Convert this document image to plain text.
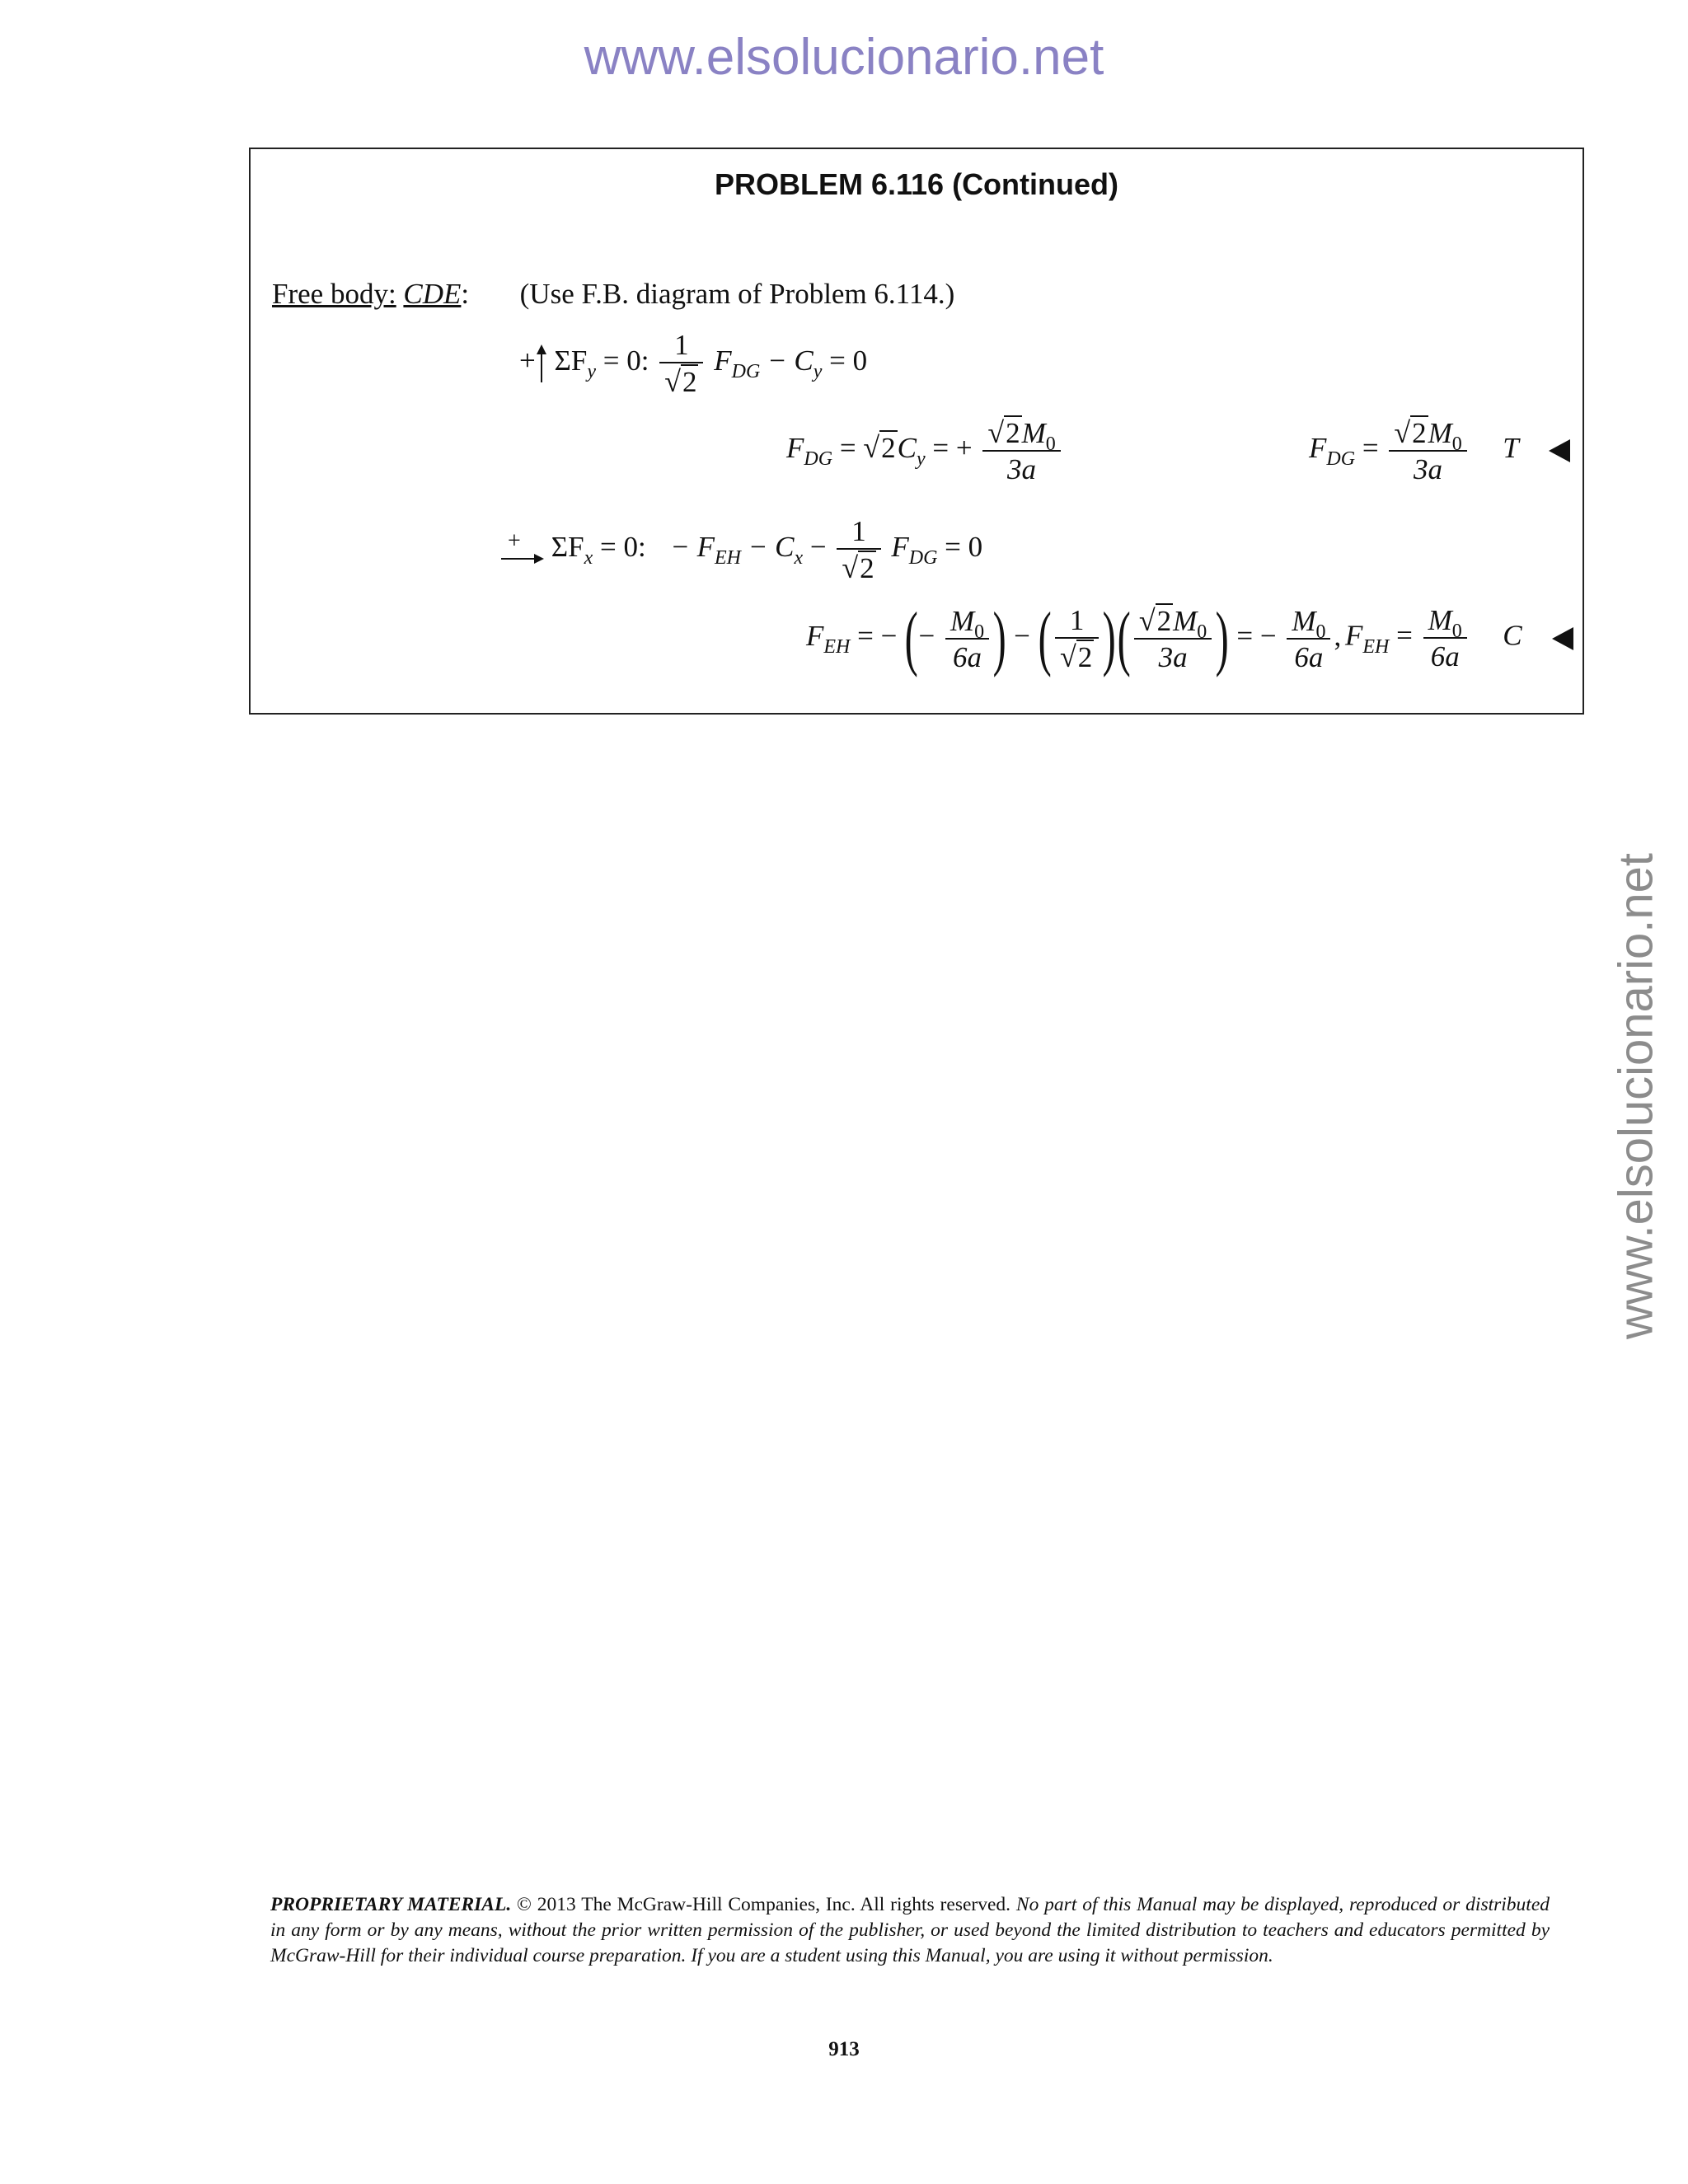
www.elsolucionario.net
www.elsolucionario.net
PROBLEM 6.116 (Continued)
Free body: CDE: (Use F.B. diagram of Problem 6.114.)
+ $\Sigma F_y = 0$: $\frac{1}{√2} F_{DG} - C_y = 0$
$F_{DG} = √2C_y$ = + $\frac{√2M_0}{3a}$	$F_{DG} = \frac{√2M_0}{3a}$ T
+ $\Sigma F_x = 0$: − $F_{EH} - C_x - \frac{1}{√2} F_{DG} = 0$
$F_{EH}$ = − (− $\frac{M_0}{6a}$ ) − ( $\frac{1}{√2}$ )( $\frac{√2M_0}{3a}$ ) = − $\frac{M_0}{6a}$ , $F_{EH} = \frac{M_0}{6a}$ C
PROPRIETARY MATERIAL. © 2013 The McGraw-Hill Companies, Inc. All rights reserved. No part of this Manual may be displayed, reproduced or distributed in any form or by any means, without the prior written permission of the publisher, or used beyond the limited distribution to teachers and educators permitted by McGraw-Hill for their individual course preparation. If you are a student using this Manual, you are using it without permission.
913
